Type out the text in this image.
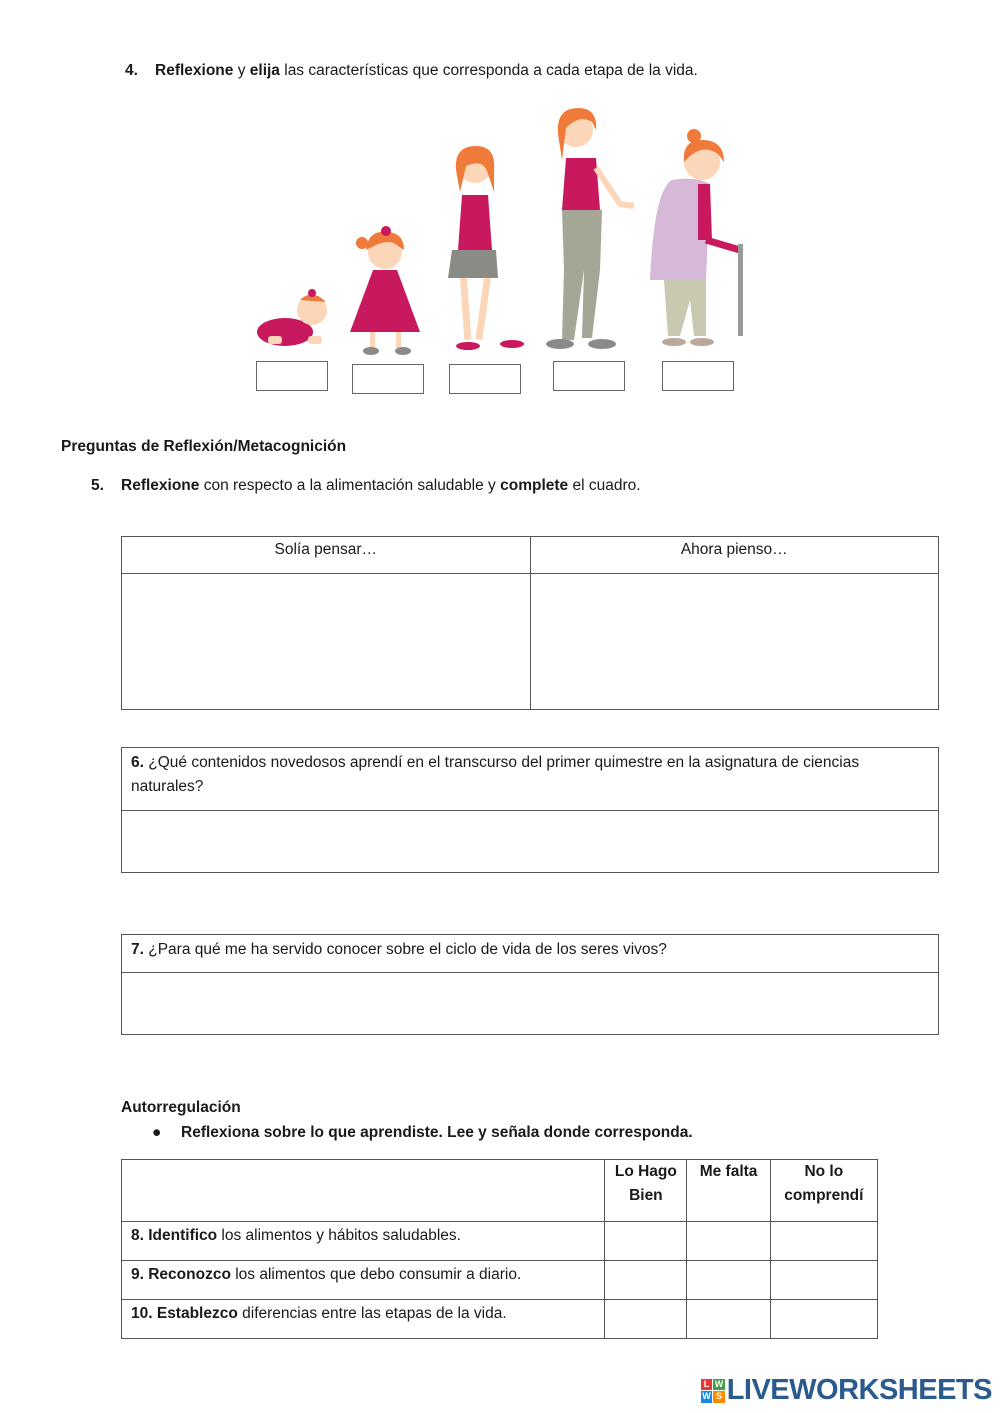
4. Reflexione y elija las características que corresponda a cada etapa de la vida.
Preguntas de Reflexión/Metacognición
5. Reflexione con respecto a la alimentación saludable y complete el cuadro.
Solía pensar…	Ahora pienso…

6. ¿Qué contenidos novedosos aprendí en el transcurso del primer quimestre en la asignatura de ciencias naturales?
7. ¿Para qué me ha servido conocer sobre el ciclo de vida de los seres vivos?
Autorregulación
● Reflexiona sobre lo que aprendiste. Lee y señala donde corresponda.
	Lo Hago Bien	Me falta	No lo comprendí
8. Identifico los alimentos y hábitos saludables.			
9. Reconozco los alimentos que debo consumir a diario.			
10. Establezco diferencias entre las etapas de la vida.			
L W
W S LIVEWORKSHEETS
